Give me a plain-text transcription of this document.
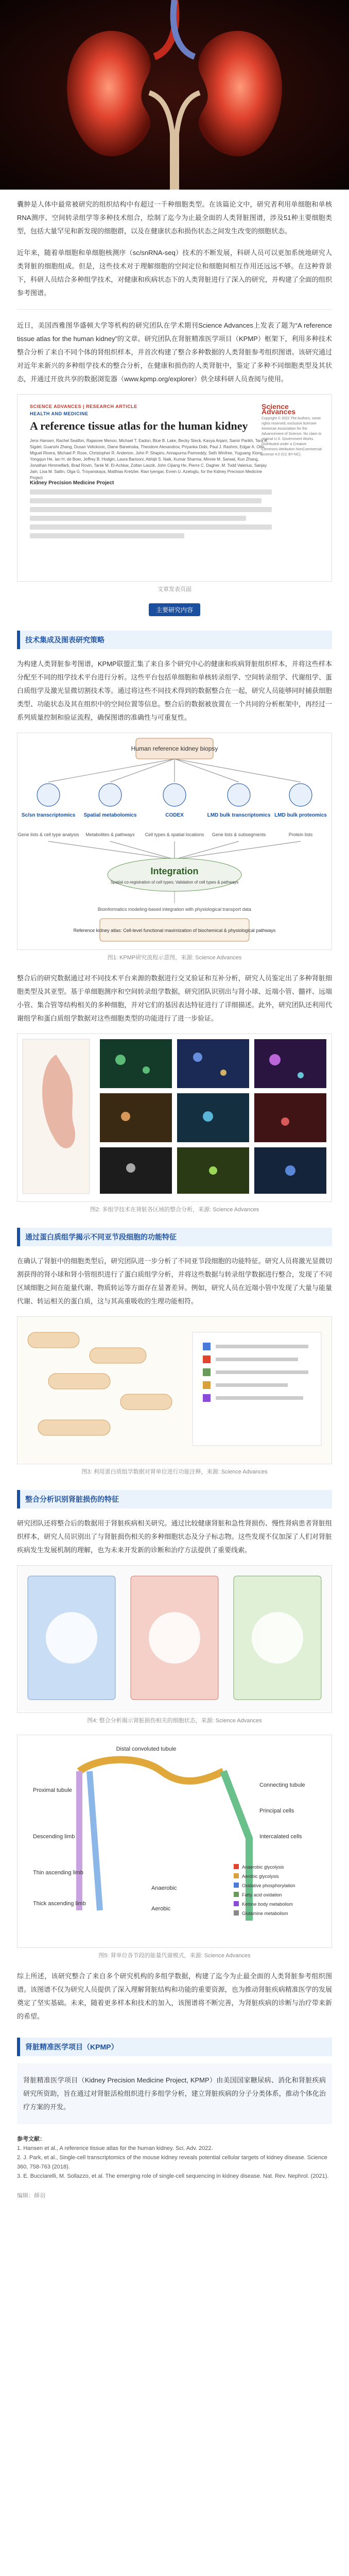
囊肿是人体中最常被研究的组织结构中有超过一千种细胞类型。在该篇论文中，研究者利用单细胞和单核RNA测序、空间转录组学等多种技术组合，绘制了迄今为止最全面的人类肾脏图谱，涉及51种主要细胞类型，包括大量罕见和新发现的细胞群，以及在健康状态和损伤状态之间发生改变的细胞状态。

近年来，随着单细胞和单细胞核测序（sc/snRNA-seq）技术的不断发展，科研人员可以更加系统地研究人类肾脏的细胞组成。但是，这些技术对于理解细胞的空间定位和细胞间相互作用还远远不够。在这种背景下，科研人员结合多种组学技术，对健康和疾病状态下的人类肾脏进行了深入的研究，并构建了全面的组织参考图谱。

近日，美国西雅图华盛顿大学等机构的研究团队在学术期刊Science Advances上发表了题为“A reference tissue atlas for the human kidney”的文章。研究团队在肾脏精准医学项目（KPMP）框架下，利用多种技术整合分析了来自不同个体的肾组织样本，并首次构建了整合多种数据的人类肾脏参考组织图谱。该研究通过对近年来新兴的多种组学技术的整合分析，在健康和损伤的人类肾脏中，鉴定了多种不同细胞类型及其状态，并通过开放共享的数据浏览器（www.kpmp.org/explorer）供全球科研人员查阅与使用。

SCIENCE ADVANCES | RESEARCH ARTICLE
HEALTH AND MEDICINE
A reference tissue atlas for the human kidney
Jens Hansen, Rachel Sealfon, Rajasree Menon, Michael T. Eadon, Blue B. Lake, Becky Steck, Kavya Anjani, Samir Parikh, Tara K. Sigdel, Guanshi Zhang, Dusan Velickovic, Diane Barwinska, Theodore Alexandrov, Priyanka Dobi, Paul J. Rashmi, Edgar A. Otto, Miguel Rivera, Michael P. Rose, Christopher R. Anderton, John P. Shapiro, Annapurna Pamreddy, Seth Winfree, Yuguang Xiong, Yongqun He, Ian H. de Boer, Jeffrey B. Hodgin, Laura Barisoni, Abhijit S. Naik, Kumar Sharma, Minnie M. Sarwal, Kun Zhang, Jonathan Himmelfarb, Brad Rovin, Tarek M. El-Achkar, Zoltan Laszik, John Cijiang He, Pierre C. Dagher, M. Todd Valerius, Sanjay Jain, Lisa M. Satlin, Olga G. Troyanskaya, Matthias Kretzler, Ravi Iyengar, Evren U. Azeloglu, for the Kidney Precision Medicine Project
Kidney Precision Medicine Project
Science Advances
Copyright © 2022 The Authors, some rights reserved; exclusive licensee American Association for the Advancement of Science. No claim to original U.S. Government Works. Distributed under a Creative Commons Attribution NonCommercial License 4.0 (CC BY-NC).
文章发表页面
主要研究内容
技术集成及图表研究策略

为构建人类肾脏参考图谱，KPMP联盟汇集了来自多个研究中心的健康和疾病肾脏组织样本，并将这些样本分配至不同的组学技术平台进行分析。这些平台包括单细胞和单核转录组学、空间转录组学、代谢组学、蛋白质组学及激光显微切割技术等。通过将这些不同技术得到的数据整合在一起，研究人员能够同时捕获细胞类型、功能状态及其在组织中的空间位置等信息。整合后的数据被放置在一个共同的分析框架中，再经过一系列质量控制和验证流程，确保图谱的准确性与可重复性。

Human reference kidney biopsy
Sc/sn transcriptomics Spatial metabolomics	CODEX	LMD bulk transcriptomics LMD bulk proteomics
Gene lists & cell type analysis Metabolites & pathways Cell types & spatial locations Gene lists & subsegments	Protein lists
Integration
Spatial co-registration of cell types; Validation of cell types & pathways
Bioinformatics modeling-based integration with physiological transport data
Reference kidney atlas: Cell-level functional maximization of biochemical & physiological pathways
图1: KPMP研究流程示意图，来源: Science Advances

整合后的研究数据通过对不同技术平台来源的数据进行交叉验证和互补分析，研究人员鉴定出了多种肾脏细胞类型及其亚型。基于单细胞测序和空间转录组学数据，研究团队识别出与肾小球、近端小管、髓袢、远端小管、集合管等结构相关的多种细胞，并对它们的基因表达特征进行了详细描述。此外，研究团队还利用代谢组学和蛋白质组学数据对这些细胞类型的功能进行了进一步验证。

图2: 多组学技术在肾脏各区域的整合分析，来源: Science Advances
通过蛋白质组学揭示不同亚节段细胞的功能特征

在确认了肾脏中的细胞类型后，研究团队进一步分析了不同亚节段细胞的功能特征。研究人员将激光显微切割获得的肾小球和肾小管组织进行了蛋白质组学分析，并将这些数据与转录组学数据进行整合，发现了不同区域细胞之间在能量代谢、物质转运等方面存在显著差异。例如，研究人员在近端小管中发现了大量与能量代谢、转运相关的蛋白质，这与其高重吸收的生理功能相符。

图3: 利用蛋白质组学数据对肾单位进行功能注释，来源: Science Advances
整合分析识别肾脏损伤的特征

研究团队还将整合后的数据用于肾脏疾病相关研究。通过比较健康肾脏和急性肾损伤、慢性肾病患者肾脏组织样本，研究人员识别出了与肾脏损伤相关的多种细胞状态及分子标志物。这些发现不仅加深了人们对肾脏疾病发生发展机制的理解，也为未来开发新的诊断和治疗方法提供了重要线索。

图4: 整合分析揭示肾脏损伤相关的细胞状态，来源: Science Advances
Distal convoluted tubule
Proximal tubule
Connecting tubule
Principal cells
Descending limb	Intercalated cells
Thin ascending limb
Thick ascending limb
Anaerobic
Aerobic
Anaerobic glycolysis
Aerobic glycolysis
Oxidative phosphorylation
Fatty acid oxidation
Ketone body metabolism
Glutamine metabolism
图5: 肾单位各节段的能量代谢模式，来源: Science Advances

综上所述，该研究整合了来自多个研究机构的多组学数据，构建了迄今为止最全面的人类肾脏参考组织图谱。该图谱不仅为研究人员提供了深入理解肾脏结构和功能的重要资源，也为推动肾脏疾病精准医学的发展奠定了坚实基础。未来，随着更多样本和技术的加入，该图谱将不断完善，为肾脏疾病的诊断与治疗带来新的希望。

肾脏精准医学项目（KPMP）

肾脏精准医学项目（Kidney Precision Medicine Project, KPMP）由美国国家糖尿病、消化和肾脏疾病研究所资助，旨在通过对肾脏活检组织进行多组学分析，建立肾脏疾病的分子分类体系，推动个体化治疗方案的开发。

参考文献：
1. Hansen et al., A reference tissue atlas for the human kidney. Sci. Adv. 2022.
2. J. Park, et al., Single-cell transcriptomics of the mouse kidney reveals potential cellular targets of kidney disease. Science 360, 758-763 (2018).
3. E. Bucciarelli, M. Sollazzo, et al. The emerging role of single-cell sequencing in kidney disease. Nat. Rev. Nephrol. (2021).
编辑：薛羽
